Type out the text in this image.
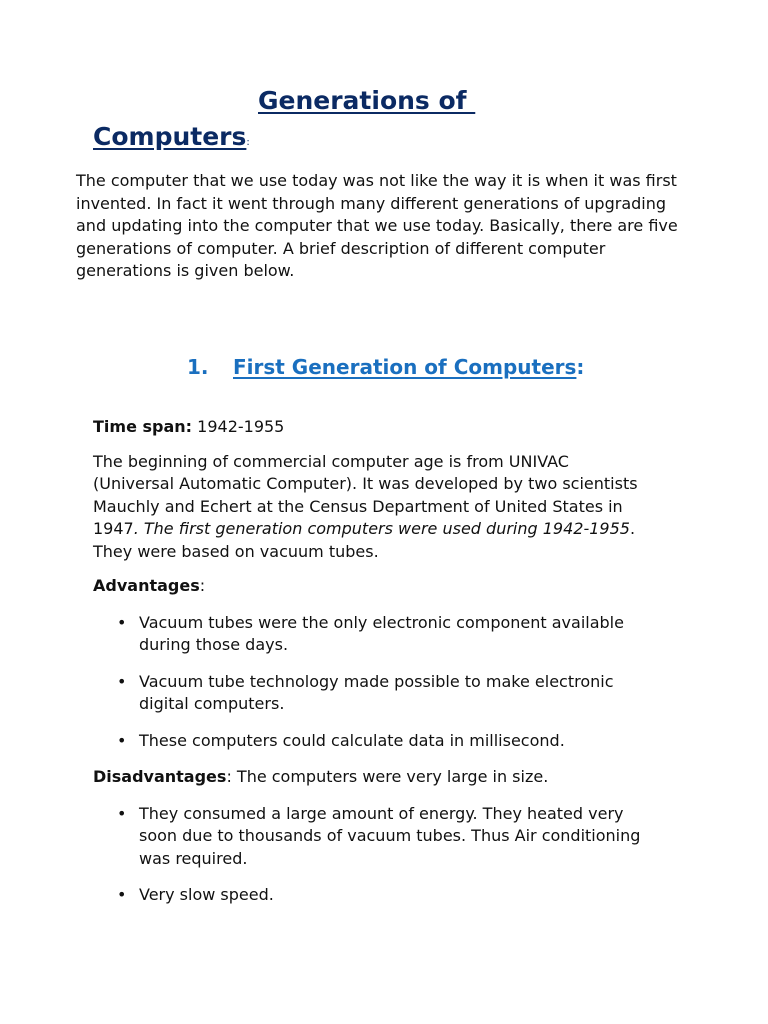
Generations of
Computers:

The computer that we use today was not like the way it is when it was first invented. In fact it went through many different generations of upgrading and updating into the computer that we use today. Basically, there are five generations of computer. A brief description of different computer generations is given below.

1. First Generation of Computers:

Time span: 1942-1955

The beginning of commercial computer age is from UNIVAC (Universal Automatic Computer). It was developed by two scientists Mauchly and Echert at the Census Department of United States in 1947. The first generation computers were used during 1942-1955. They were based on vacuum tubes.

Advantages:

• Vacuum tubes were the only electronic component available during those days.
• Vacuum tube technology made possible to make electronic digital computers.
• These computers could calculate data in millisecond.

Disadvantages: The computers were very large in size.

• They consumed a large amount of energy. They heated very soon due to thousands of vacuum tubes. Thus Air conditioning was required.
• Very slow speed.
